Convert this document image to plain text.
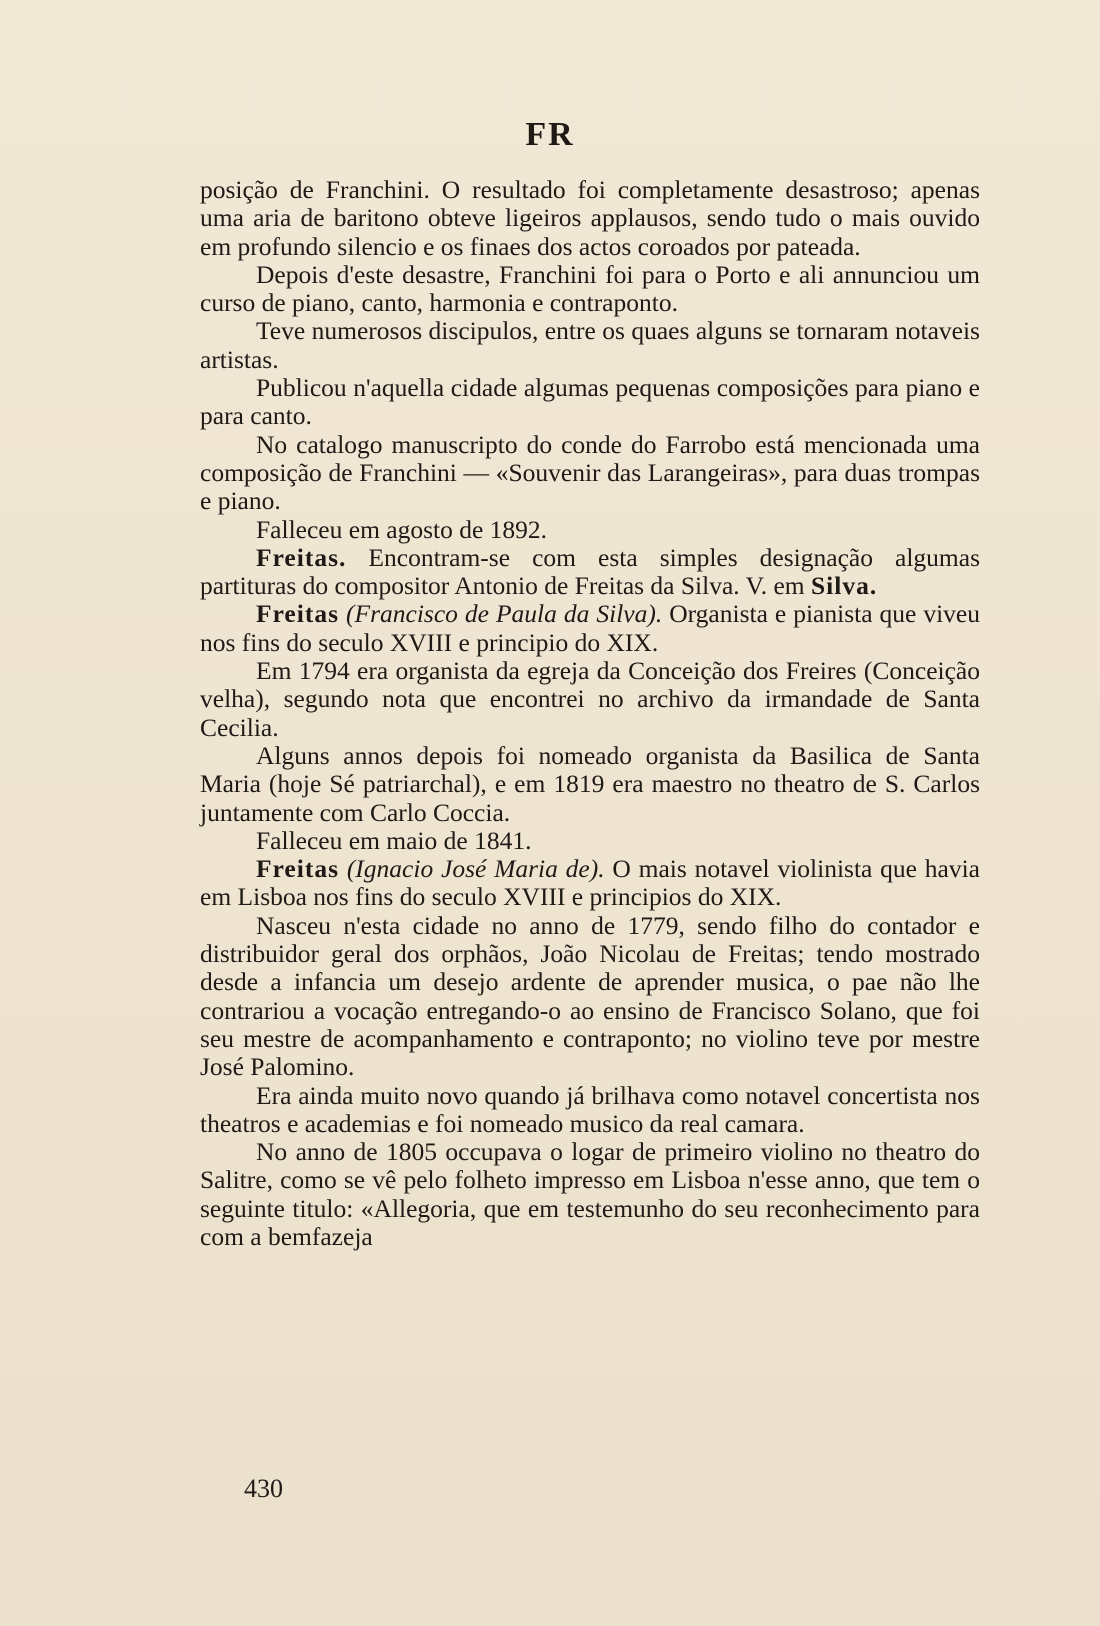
FR

posição de Franchini. O resultado foi completamente desastroso; apenas uma aria de baritono obteve ligeiros applausos, sendo tudo o mais ouvido em profundo silencio e os finaes dos actos coroados por pateada.

Depois d'este desastre, Franchini foi para o Porto e ali annunciou um curso de piano, canto, harmonia e contraponto.

Teve numerosos discipulos, entre os quaes alguns se tornaram notaveis artistas.

Publicou n'aquella cidade algumas pequenas composições para piano e para canto.

No catalogo manuscripto do conde do Farrobo está mencionada uma composição de Franchini — «Souvenir das Larangeiras», para duas trompas e piano.

Falleceu em agosto de 1892.

Freitas. Encontram-se com esta simples designação algumas partituras do compositor Antonio de Freitas da Silva. V. em Silva.

Freitas (Francisco de Paula da Silva). Organista e pianista que viveu nos fins do seculo XVIII e principio do XIX.

Em 1794 era organista da egreja da Conceição dos Freires (Conceição velha), segundo nota que encontrei no archivo da irmandade de Santa Cecilia.

Alguns annos depois foi nomeado organista da Basilica de Santa Maria (hoje Sé patriarchal), e em 1819 era maestro no theatro de S. Carlos juntamente com Carlo Coccia.

Falleceu em maio de 1841.

Freitas (Ignacio José Maria de). O mais notavel violinista que havia em Lisboa nos fins do seculo XVIII e principios do XIX.

Nasceu n'esta cidade no anno de 1779, sendo filho do contador e distribuidor geral dos orphãos, João Nicolau de Freitas; tendo mostrado desde a infancia um desejo ardente de aprender musica, o pae não lhe contrariou a vocação entregando-o ao ensino de Francisco Solano, que foi seu mestre de acompanhamento e contraponto; no violino teve por mestre José Palomino.

Era ainda muito novo quando já brilhava como notavel concertista nos theatros e academias e foi nomeado musico da real camara.

No anno de 1805 occupava o logar de primeiro violino no theatro do Salitre, como se vê pelo folheto impresso em Lisboa n'esse anno, que tem o seguinte titulo: «Allegoria, que em testemunho do seu reconhecimento para com a bemfazeja

430
